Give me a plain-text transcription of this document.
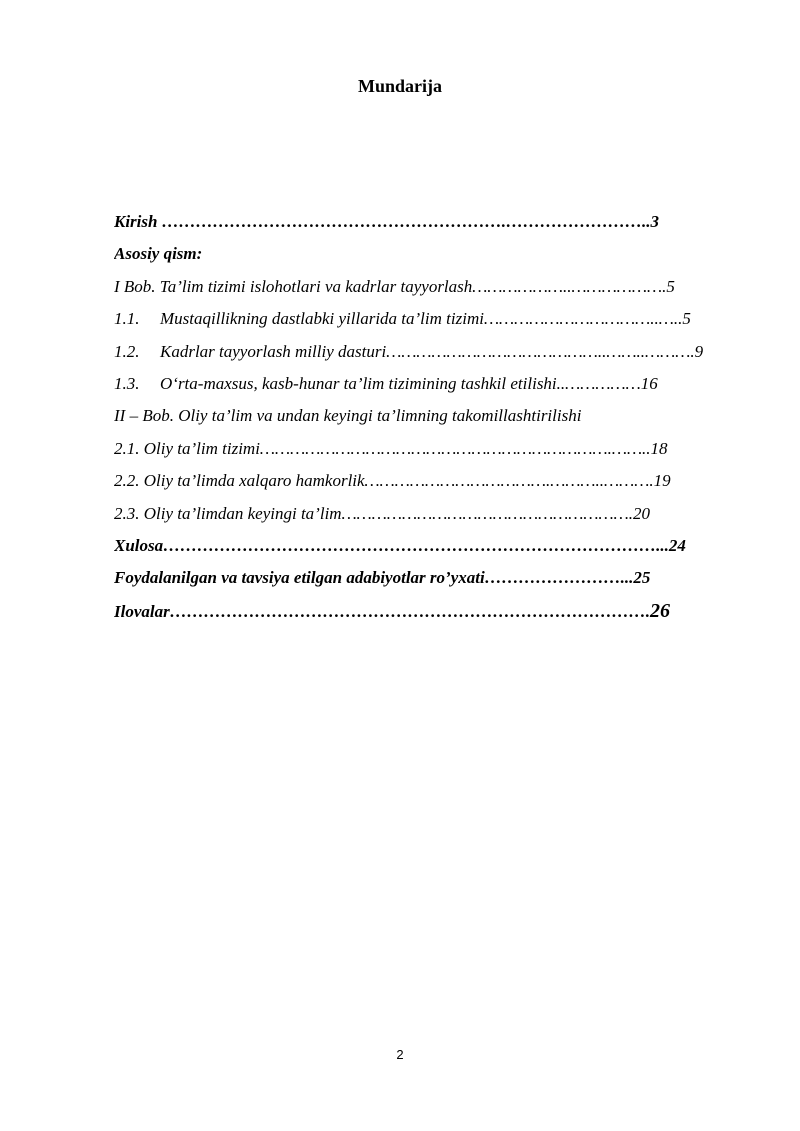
Mundarija
Kirish …………………………………………………….……………………..3
Asosiy qism:
I Bob. Ta’lim tizimi islohotlari va kadrlar tayyorlash………………..……………….5
1.1. Mustaqillikning dastlabki yillarida ta’lim tizimi……………………………..…..5
1.2. Kadrlar tayyorlash milliy dasturi……………………………………..……..……….9
1.3. O‘rta-maxsus, kasb-hunar ta’lim tizimining tashkil etilishi..……………16
II – Bob. Oliy ta’lim va undan keyingi ta’limning takomillashtirilishi
2.1. Oliy ta’lim tizimi…………………………………………………………….……..18
2.2. Oliy ta’limda xalqaro hamkorlik……………………………….………..……….19
2.3. Oliy ta’limdan keyingi ta’lim………………………………………………….20
Xulosa……………………………………………………………………………...24
Foydalanilgan va tavsiya etilgan adabiyotlar ro’yxati……………………...25
Ilovalar………………………………………………………………………….26
2
